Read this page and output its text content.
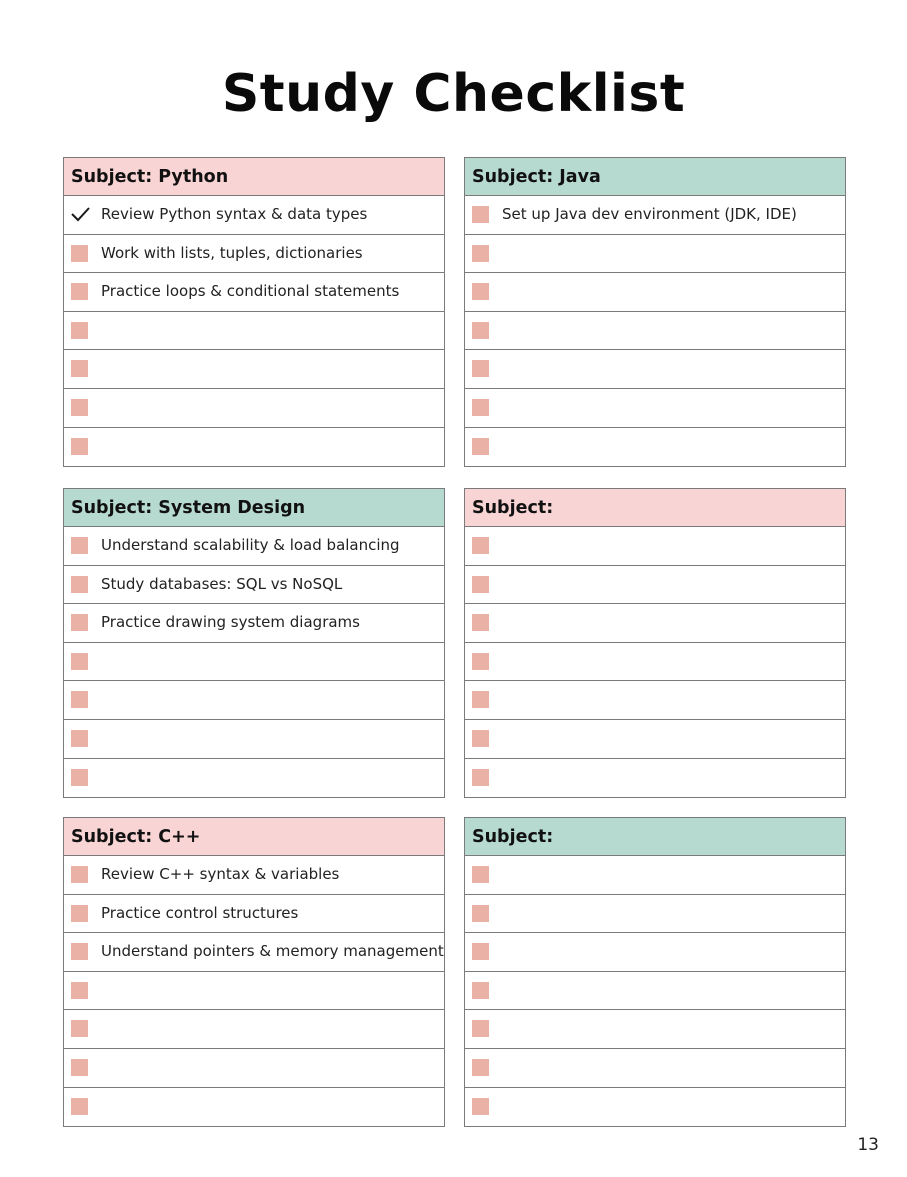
Study Checklist
Subject: Python
Review Python syntax & data types
Work with lists, tuples, dictionaries
Practice loops & conditional statements
Subject: Java
Set up Java dev environment (JDK, IDE)
Subject: System Design
Understand scalability & load balancing
Study databases: SQL vs NoSQL
Practice drawing system diagrams
Subject:
Subject: C++
Review C++ syntax & variables
Practice control structures
Understand pointers & memory management
Subject:
13
